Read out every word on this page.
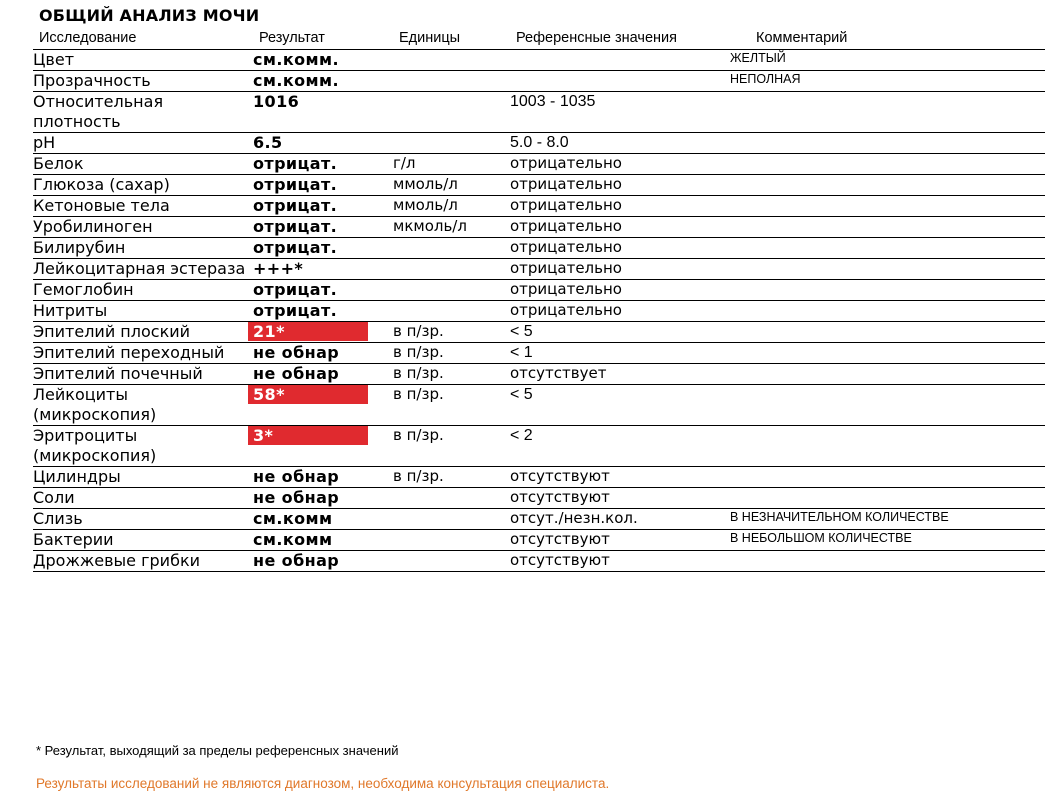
ОБЩИЙ АНАЛИЗ МОЧИ
Исследование	Результат	Единицы	Референсные значения	Комментарий
Цвет	см.комм.			ЖЕЛТЫЙ
Прозрачность	см.комм.			НЕПОЛНАЯ
Относительная плотность	1016		1003 - 1035	
pH	6.5		5.0 - 8.0	
Белок	отрицат.	г/л	отрицательно	
Глюкоза (сахар)	отрицат.	ммоль/л	отрицательно	
Кетоновые тела	отрицат.	ммоль/л	отрицательно	
Уробилиноген	отрицат.	мкмоль/л	отрицательно	
Билирубин	отрицат.		отрицательно	
Лейкоцитарная эстераза	+++*		отрицательно	
Гемоглобин	отрицат.		отрицательно	
Нитриты	отрицат.		отрицательно	
Эпителий плоский	21*	в п/зр.	< 5	
Эпителий переходный	не обнар	в п/зр.	< 1	
Эпителий почечный	не обнар	в п/зр.	отсутствует	
Лейкоциты (микроскопия)	58*	в п/зр.	< 5	
Эритроциты (микроскопия)	3*	в п/зр.	< 2	
Цилиндры	не обнар	в п/зр.	отсутствуют	
Соли	не обнар		отсутствуют	
Слизь	см.комм		отсут./незн.кол.	В НЕЗНАЧИТЕЛЬНОМ КОЛИЧЕСТВЕ
Бактерии	см.комм		отсутствуют	В НЕБОЛЬШОМ КОЛИЧЕСТВЕ
Дрожжевые грибки	не обнар		отсутствуют	
* Результат, выходящий за пределы референсных значений
Результаты исследований не являются диагнозом, необходима консультация специалиста.
